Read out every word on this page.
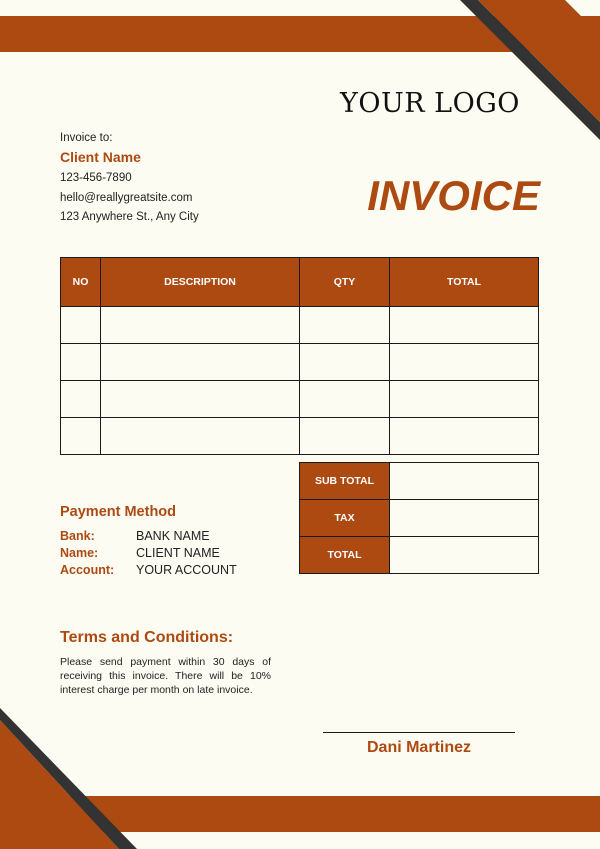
YOUR LOGO
INVOICE
Invoice to:
Client Name
123-456-7890
hello@reallygreatsite.com
123 Anywhere St., Any City
NO	DESCRIPTION	QTY	TOTAL

SUB TOTAL	
TAX	
TOTAL	
Payment Method
Bank:	BANK NAME
Name:	CLIENT NAME
Account: YOUR ACCOUNT
Terms and Conditions:
Please send payment within 30 days of receiving this invoice. There will be 10% interest charge per month on late invoice.
Dani Martinez
